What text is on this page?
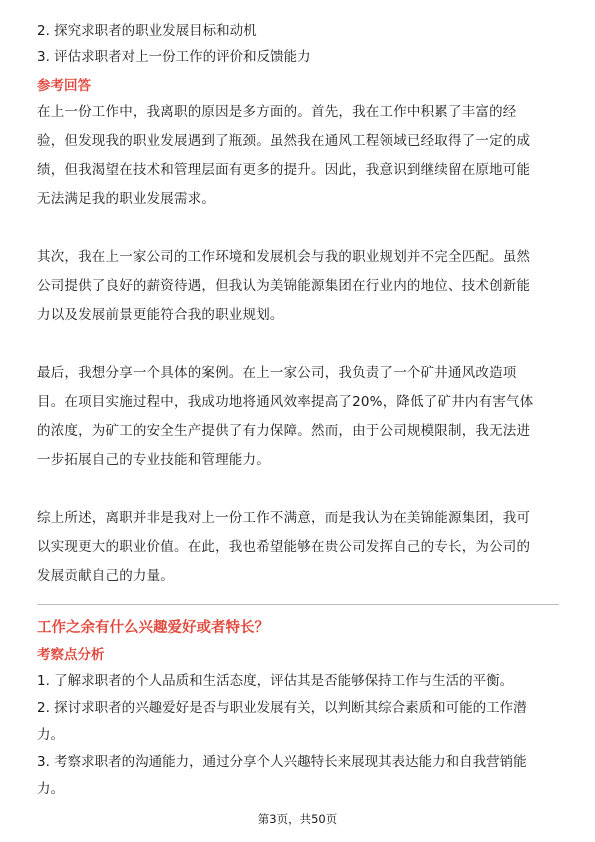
2. 探究求职者的职业发展目标和动机

3. 评估求职者对上一份工作的评价和反馈能力

参考回答

在上一份工作中，我离职的原因是多方面的。首先，我在工作中积累了丰富的经

验，但发现我的职业发展遇到了瓶颈。虽然我在通风工程领域已经取得了一定的成

绩，但我渴望在技术和管理层面有更多的提升。因此，我意识到继续留在原地可能

无法满足我的职业发展需求。

其次，我在上一家公司的工作环境和发展机会与我的职业规划并不完全匹配。虽然

公司提供了良好的薪资待遇，但我认为美锦能源集团在行业内的地位、技术创新能

力以及发展前景更能符合我的职业规划。

最后，我想分享一个具体的案例。在上一家公司，我负责了一个矿井通风改造项

目。在项目实施过程中，我成功地将通风效率提高了20%，降低了矿井内有害气体

的浓度，为矿工的安全生产提供了有力保障。然而，由于公司规模限制，我无法进

一步拓展自己的专业技能和管理能力。

综上所述，离职并非是我对上一份工作不满意，而是我认为在美锦能源集团，我可

以实现更大的职业价值。在此，我也希望能够在贵公司发挥自己的专长，为公司的

发展贡献自己的力量。

工作之余有什么兴趣爱好或者特长？

考察点分析

1. 了解求职者的个人品质和生活态度，评估其是否能够保持工作与生活的平衡。

2. 探讨求职者的兴趣爱好是否与职业发展有关，以判断其综合素质和可能的工作潜

力。

3. 考察求职者的沟通能力，通过分享个人兴趣特长来展现其表达能力和自我营销能

力。

第3页，共50页
